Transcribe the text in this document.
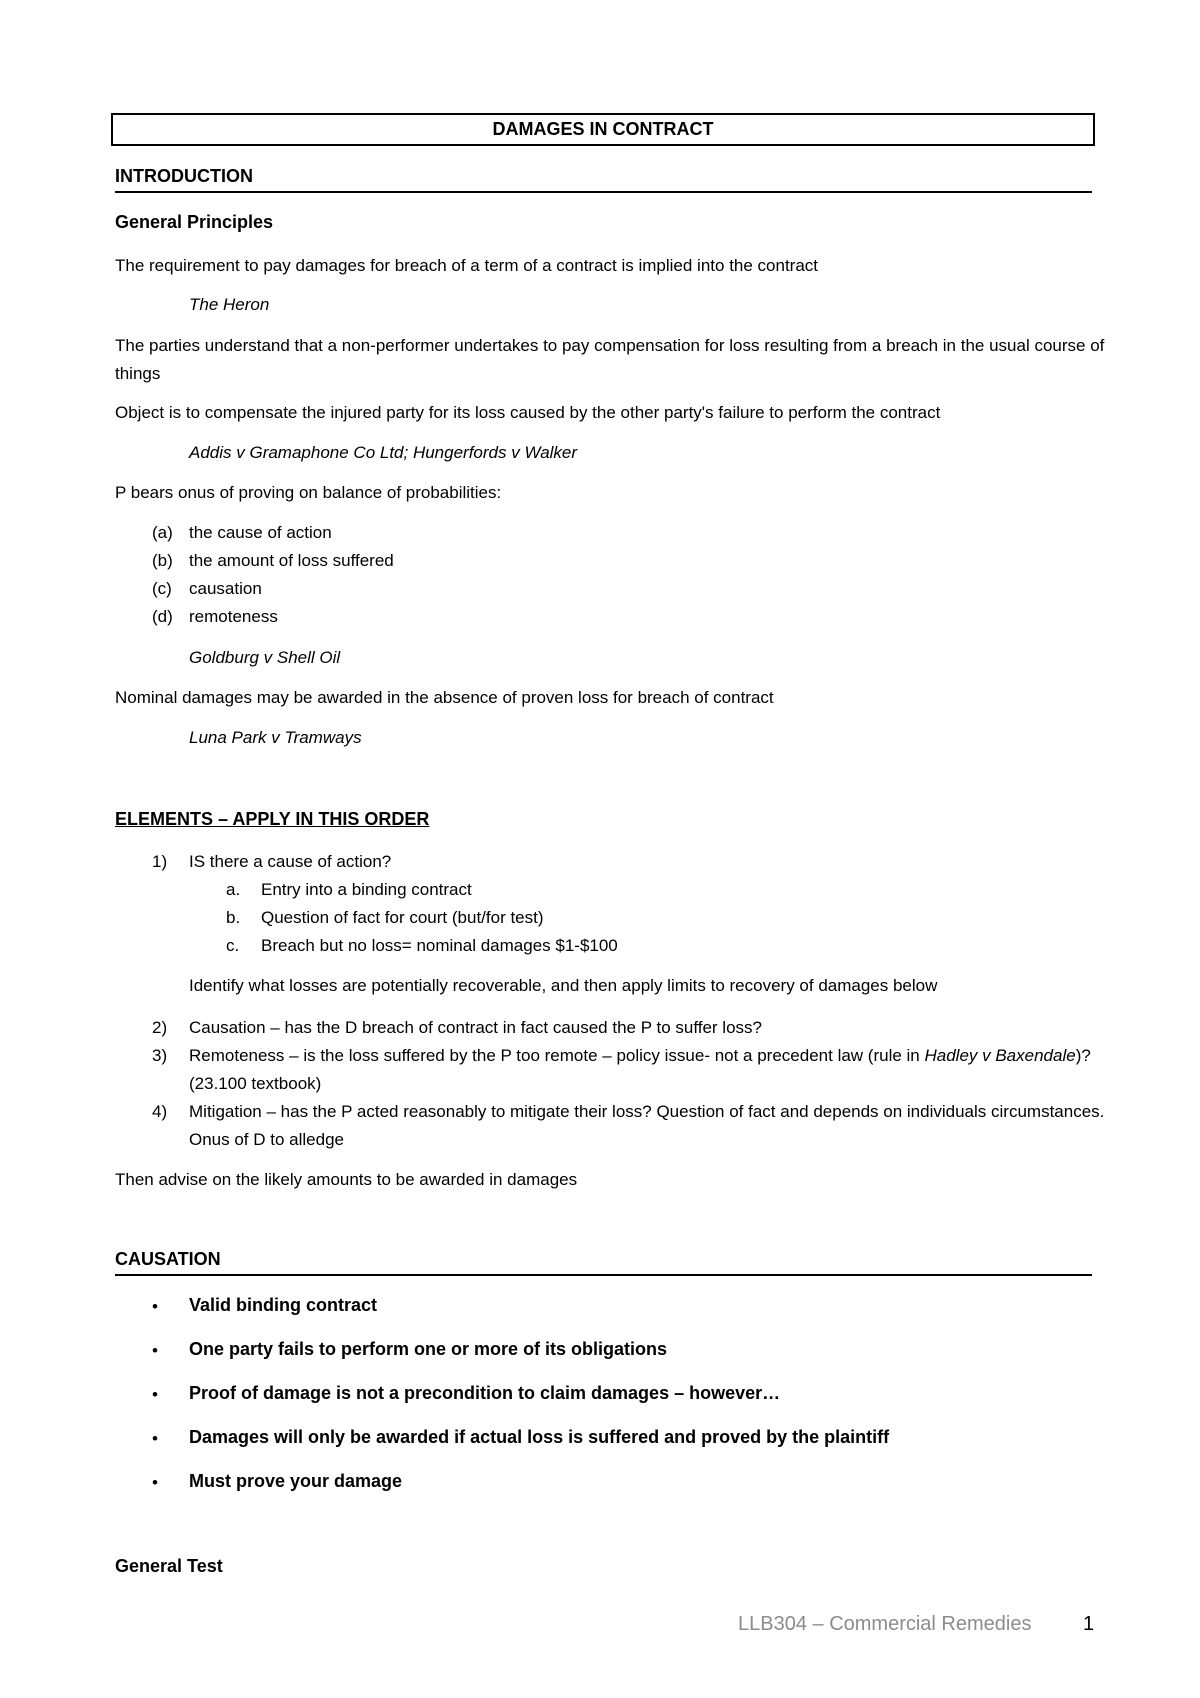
DAMAGES IN CONTRACT
INTRODUCTION
General Principles
The requirement to pay damages for breach of a term of a contract is implied into the contract
The Heron
The parties understand that a non-performer undertakes to pay compensation for loss resulting from a breach in the usual course of
things
Object is to compensate the injured party for its loss caused by the other party's failure to perform the contract
Addis v Gramaphone Co Ltd; Hungerfords v Walker
P bears onus of proving on balance of probabilities:
(a) the cause of action
(b) the amount of loss suffered
(c) causation
(d) remoteness
Goldburg v Shell Oil
Nominal damages may be awarded in the absence of proven loss for breach of contract
Luna Park v Tramways
ELEMENTS – APPLY IN THIS ORDER
1) IS there a cause of action?
a. Entry into a binding contract
b. Question of fact for court (but/for test)
c. Breach but no loss= nominal damages $1-$100
Identify what losses are potentially recoverable, and then apply limits to recovery of damages below
2) Causation – has the D breach of contract in fact caused the P to suffer loss?
3) Remoteness – is the loss suffered by the P too remote – policy issue- not a precedent law (rule in Hadley v Baxendale)?
(23.100 textbook)
4) Mitigation – has the P acted reasonably to mitigate their loss? Question of fact and depends on individuals circumstances.
Onus of D to alledge
Then advise on the likely amounts to be awarded in damages
CAUSATION
• Valid binding contract
• One party fails to perform one or more of its obligations
• Proof of damage is not a precondition to claim damages – however…
• Damages will only be awarded if actual loss is suffered and proved by the plaintiff
• Must prove your damage
General Test
LLB304 – Commercial Remedies	1
